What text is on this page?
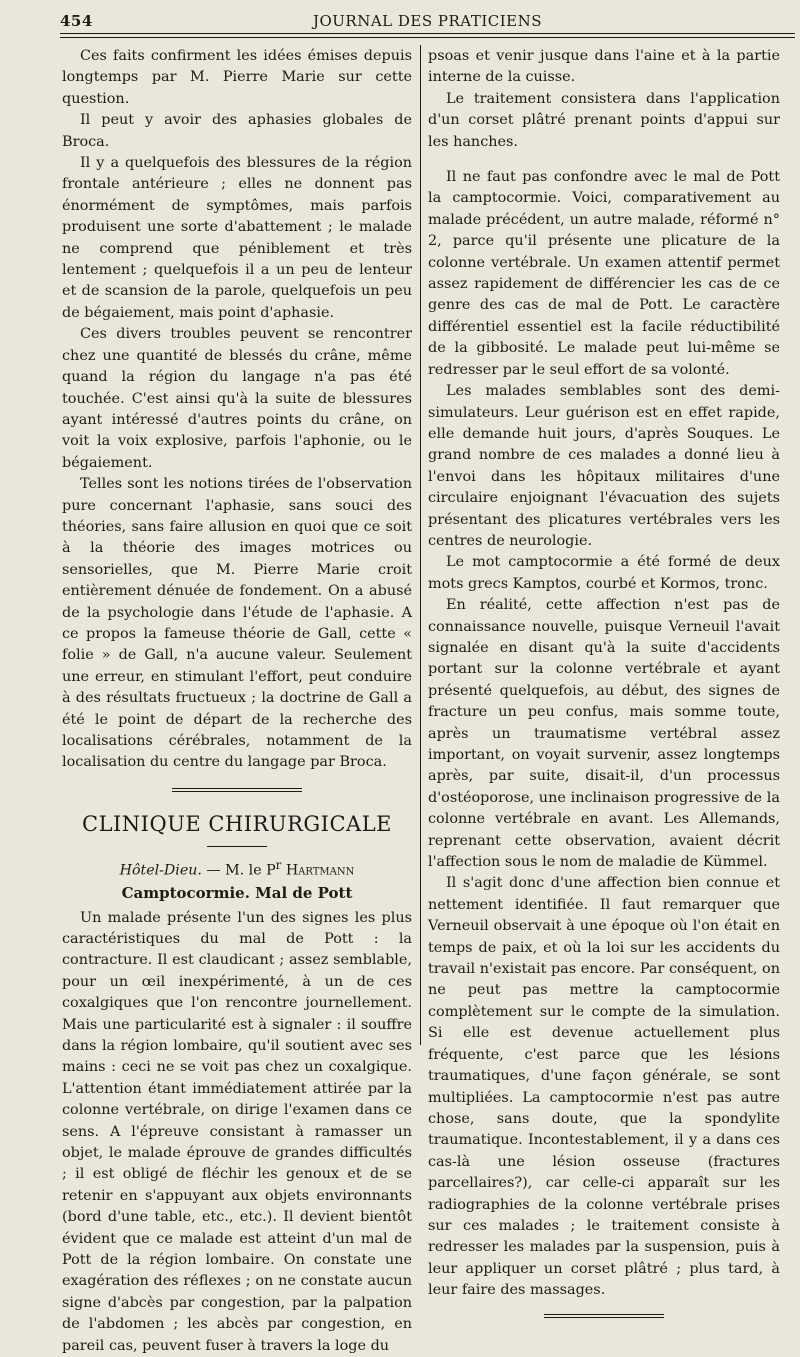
454	JOURNAL DES PRATICIENS

Ces faits confirment les idées émises depuis longtemps par M. Pierre Marie sur cette question.

Il peut y avoir des aphasies globales de Broca.

Il y a quelquefois des blessures de la région frontale antérieure ; elles ne donnent pas énormément de symptômes, mais parfois produisent une sorte d'abattement ; le malade ne comprend que péniblement et très lentement ; quelquefois il a un peu de lenteur et de scansion de la parole, quelquefois un peu de bégaiement, mais point d'aphasie.

Ces divers troubles peuvent se rencontrer chez une quantité de blessés du crâne, même quand la région du langage n'a pas été touchée. C'est ainsi qu'à la suite de blessures ayant intéressé d'autres points du crâne, on voit la voix explosive, parfois l'aphonie, ou le bégaiement.

Telles sont les notions tirées de l'observation pure concernant l'aphasie, sans souci des théories, sans faire allusion en quoi que ce soit à la théorie des images motrices ou sensorielles, que M. Pierre Marie croit entièrement dénuée de fondement. On a abusé de la psychologie dans l'étude de l'aphasie. A ce propos la fameuse théorie de Gall, cette « folie » de Gall, n'a aucune valeur. Seulement une erreur, en stimulant l'effort, peut conduire à des résultats fructueux ; la doctrine de Gall a été le point de départ de la recherche des localisations cérébrales, notamment de la localisation du centre du langage par Broca.

CLINIQUE CHIRURGICALE
Hôtel-Dieu. — M. le $P^r$ Hartmann
Camptocormie. Mal de Pott

Un malade présente l'un des signes les plus caractéristiques du mal de Pott : la contracture. Il est claudicant ; assez semblable, pour un œil inexpérimenté, à un de ces coxalgiques que l'on rencontre journellement. Mais une particularité est à signaler : il souffre dans la région lombaire, qu'il soutient avec ses mains : ceci ne se voit pas chez un coxalgique. L'attention étant immédiatement attirée par la colonne vertébrale, on dirige l'examen dans ce sens. A l'épreuve consistant à ramasser un objet, le malade éprouve de grandes difficultés ; il est obligé de fléchir les genoux et de se retenir en s'appuyant aux objets environnants (bord d'une table, etc., etc.). Il devient bientôt évident que ce malade est atteint d'un mal de Pott de la région lombaire. On constate une exagération des réflexes ; on ne constate aucun signe d'abcès par congestion, par la palpation de l'abdomen ; les abcès par congestion, en pareil cas, peuvent fuser à travers la loge du

psoas et venir jusque dans l'aine et à la partie interne de la cuisse.

Le traitement consistera dans l'application d'un corset plâtré prenant points d'appui sur les hanches.

Il ne faut pas confondre avec le mal de Pott la camptocormie. Voici, comparativement au malade précédent, un autre malade, réformé n° 2, parce qu'il présente une plicature de la colonne vertébrale. Un examen attentif permet assez rapidement de différencier les cas de ce genre des cas de mal de Pott. Le caractère différentiel essentiel est la facile réductibilité de la gibbosité. Le malade peut lui-même se redresser par le seul effort de sa volonté.

Les malades semblables sont des demi-simulateurs. Leur guérison est en effet rapide, elle demande huit jours, d'après Souques. Le grand nombre de ces malades a donné lieu à l'envoi dans les hôpitaux militaires d'une circulaire enjoignant l'évacuation des sujets présentant des plicatures vertébrales vers les centres de neurologie.

Le mot camptocormie a été formé de deux mots grecs Kamptos, courbé et Kormos, tronc.

En réalité, cette affection n'est pas de connaissance nouvelle, puisque Verneuil l'avait signalée en disant qu'à la suite d'accidents portant sur la colonne vertébrale et ayant présenté quelquefois, au début, des signes de fracture un peu confus, mais somme toute, après un traumatisme vertébral assez important, on voyait survenir, assez longtemps après, par suite, disait-il, d'un processus d'ostéoporose, une inclinaison progressive de la colonne vertébrale en avant. Les Allemands, reprenant cette observation, avaient décrit l'affection sous le nom de maladie de Kümmel.

Il s'agit donc d'une affection bien connue et nettement identifiée. Il faut remarquer que Verneuil observait à une époque où l'on était en temps de paix, et où la loi sur les accidents du travail n'existait pas encore. Par conséquent, on ne peut pas mettre la camptocormie complètement sur le compte de la simulation. Si elle est devenue actuellement plus fréquente, c'est parce que les lésions traumatiques, d'une façon générale, se sont multipliées. La camptocormie n'est pas autre chose, sans doute, que la spondylite traumatique. Incontestablement, il y a dans ces cas-là une lésion osseuse (fractures parcellaires?), car celle-ci apparaît sur les radiographies de la colonne vertébrale prises sur ces malades ; le traitement consiste à redresser les malades par la suspension, puis à leur appliquer un corset plâtré ; plus tard, à leur faire des massages.
